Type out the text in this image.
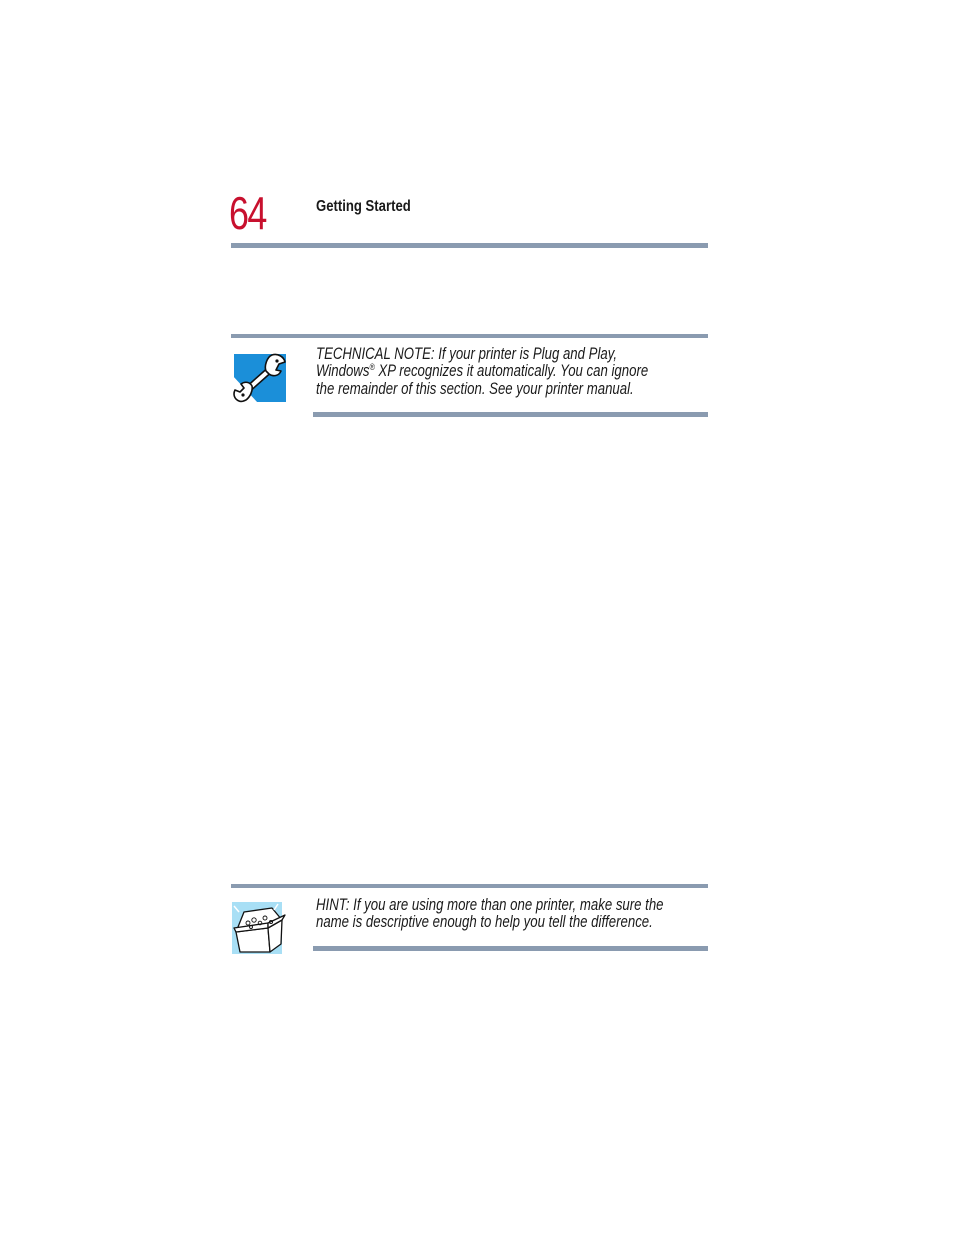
64	Getting Started
TECHNICAL NOTE: If your printer is Plug and Play,
Windows® XP recognizes it automatically. You can ignore
the remainder of this section. See your printer manual.
HINT: If you are using more than one printer, make sure the
name is descriptive enough to help you tell the difference.
